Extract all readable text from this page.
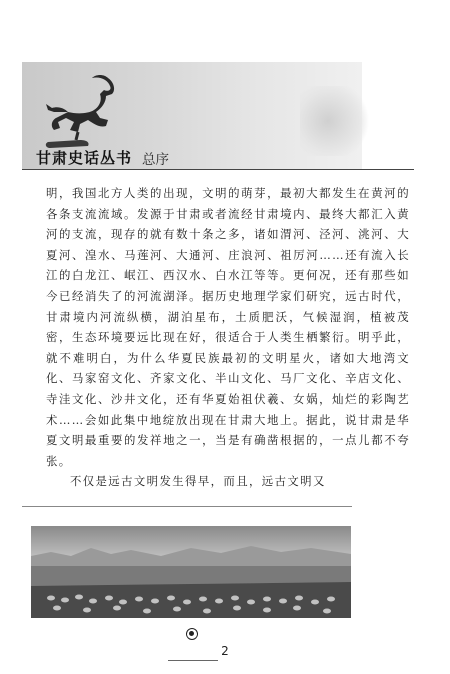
甘肃史话丛书 总序

明，我国北方人类的出现，文明的萌芽，最初大都发生在黄河的各条支流流域。发源于甘肃或者流经甘肃境内、最终大都汇入黄河的支流，现存的就有数十条之多，诸如渭河、泾河、洮河、大夏河、湟水、马莲河、大通河、庄浪河、祖厉河……还有流入长江的白龙江、岷江、西汉水、白水江等等。更何况，还有那些如今已经消失了的河流湖泽。据历史地理学家们研究，远古时代，甘肃境内河流纵横，湖泊星布，土质肥沃，气候湿润，植被茂密，生态环境要远比现在好，很适合于人类生栖繁衍。明乎此，就不难明白，为什么华夏民族最初的文明星火，诸如大地湾文化、马家窑文化、齐家文化、半山文化、马厂文化、辛店文化、寺洼文化、沙井文化，还有华夏始祖伏羲、女娲，灿烂的彩陶艺术……会如此集中地绽放出现在甘肃大地上。据此，说甘肃是华夏文明最重要的发祥地之一，当是有确凿根据的，一点儿都不夸张。

不仅是远古文明发生得早，而且，远古文明又

2
